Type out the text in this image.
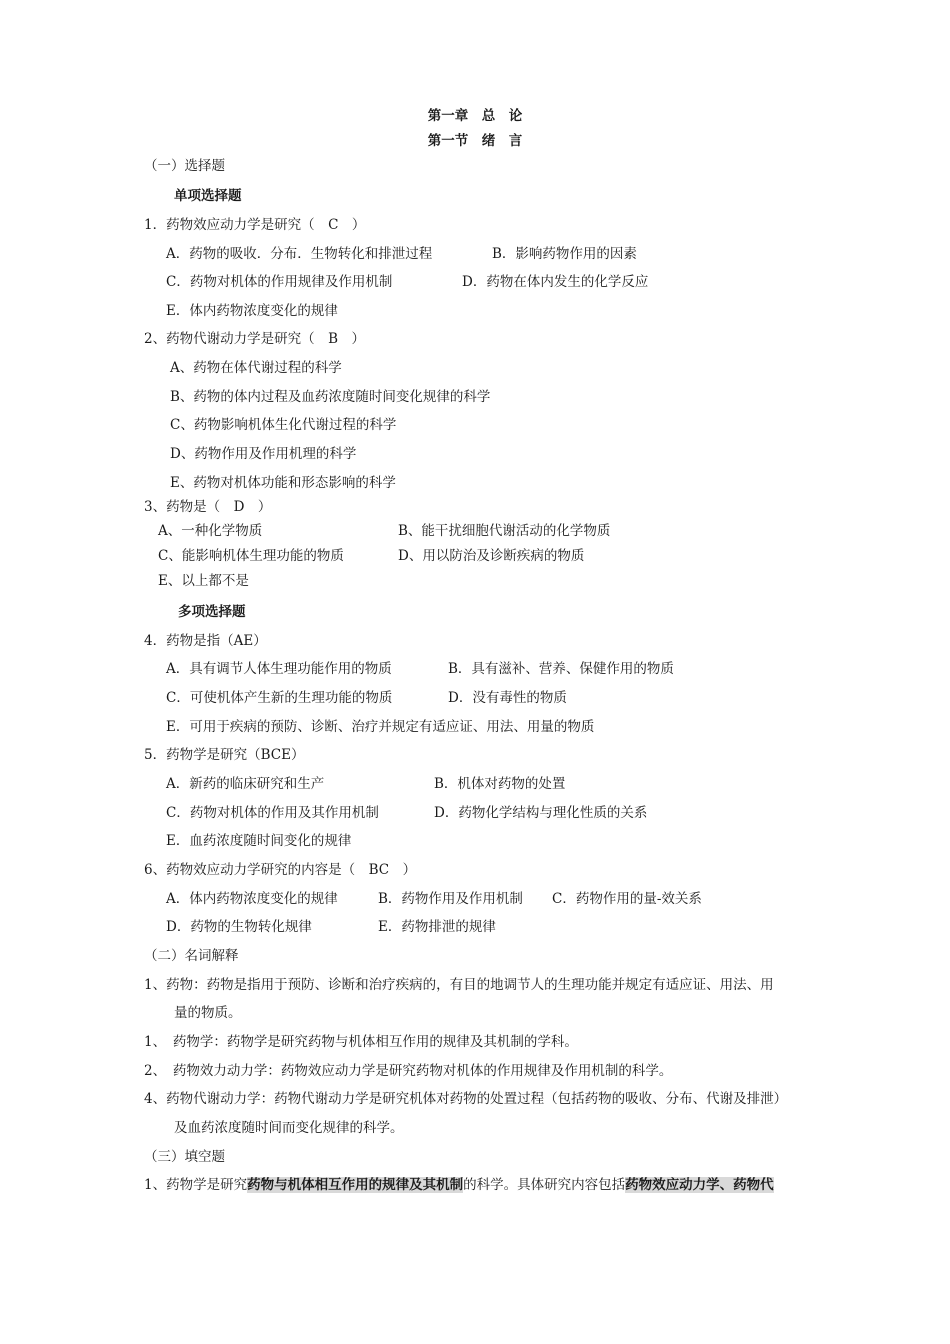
第一章　总　论
第一节　绪　言
（一）选择题
单项选择题
1．药物效应动力学是研究（　C　）
A．药物的吸收．分布．生物转化和排泄过程	B．影响药物作用的因素
C．药物对机体的作用规律及作用机制	D．药物在体内发生的化学反应
E．体内药物浓度变化的规律
2、药物代谢动力学是研究（　B　）
A、药物在体代谢过程的科学
B、药物的体内过程及血药浓度随时间变化规律的科学
C、药物影响机体生化代谢过程的科学
D、药物作用及作用机理的科学
E、药物对机体功能和形态影响的科学
3、药物是（　D　）
A、一种化学物质	B、能干扰细胞代谢活动的化学物质
C、能影响机体生理功能的物质	D、用以防治及诊断疾病的物质
E、以上都不是
多项选择题
4．药物是指（AE）
A．具有调节人体生理功能作用的物质	B．具有滋补、营养、保健作用的物质
C．可使机体产生新的生理功能的物质	D．没有毒性的物质
E．可用于疾病的预防、诊断、治疗并规定有适应证、用法、用量的物质
5．药物学是研究（BCE）
A．新药的临床研究和生产	B．机体对药物的处置
C．药物对机体的作用及其作用机制	D．药物化学结构与理化性质的关系
E．血药浓度随时间变化的规律
6、药物效应动力学研究的内容是（　BC　）
A．体内药物浓度变化的规律	B．药物作用及作用机制 C．药物作用的量-效关系
D．药物的生物转化规律	E．药物排泄的规律
（二）名词解释
1、药物：药物是指用于预防、诊断和治疗疾病的，有目的地调节人的生理功能并规定有适应证、用法、用
量的物质。
1、　药物学：药物学是研究药物与机体相互作用的规律及其机制的学科。
2、　药物效力动力学：药物效应动力学是研究药物对机体的作用规律及作用机制的科学。
4、药物代谢动力学：药物代谢动力学是研究机体对药物的处置过程（包括药物的吸收、分布、代谢及排泄）
及血药浓度随时间而变化规律的科学。
（三）填空题
1、药物学是研究药物与机体相互作用的规律及其机制的科学。具体研究内容包括药物效应动力学、药物代
